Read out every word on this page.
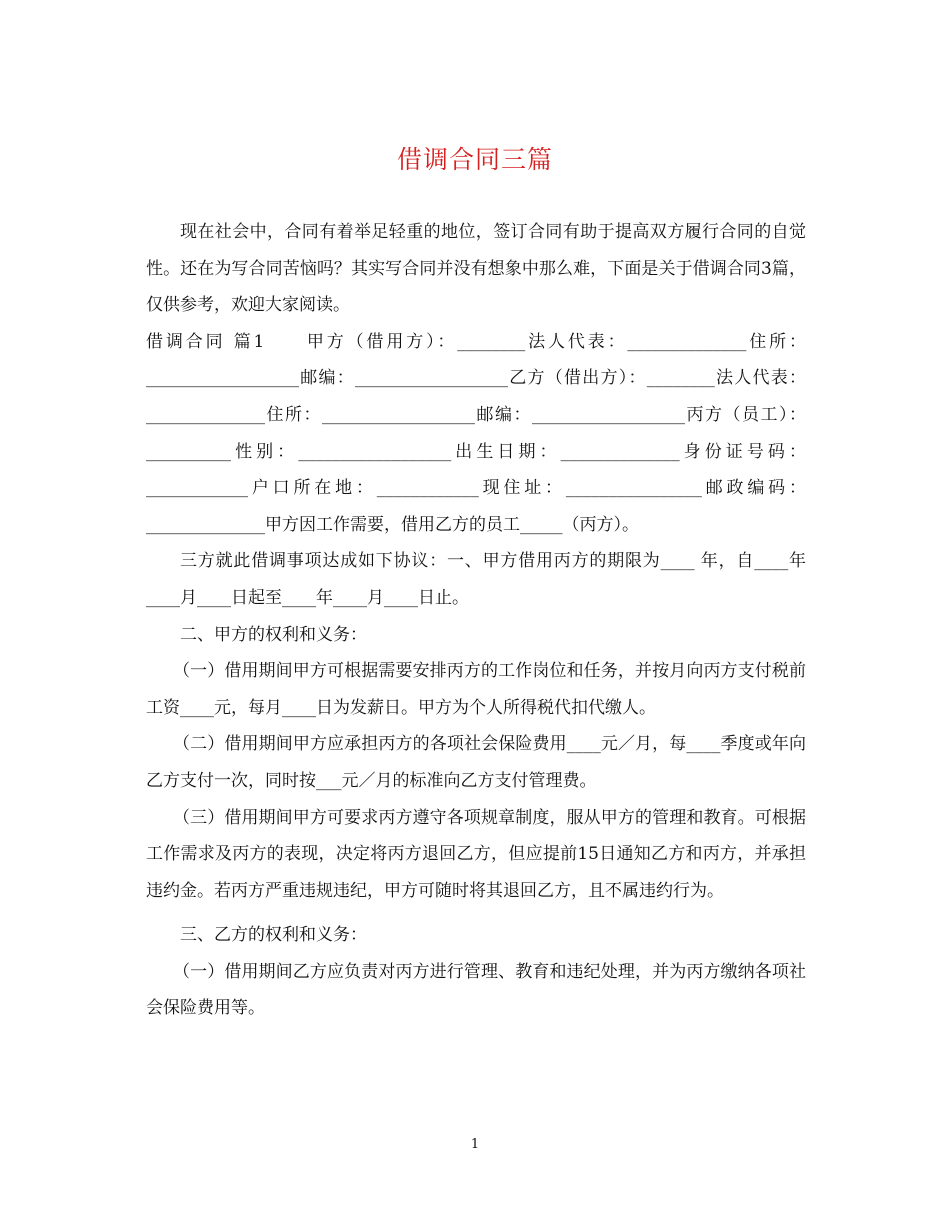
借调合同三篇

现在社会中，合同有着举足轻重的地位，签订合同有助于提高双方履行合同的自觉性。还在为写合同苦恼吗？其实写合同并没有想象中那么难，下面是关于借调合同3篇，仅供参考，欢迎大家阅读。

借调合同 篇1　　甲方（借用方）：________法人代表：______________住所：__________________邮编：__________________乙方（借出方）：________法人代表：______________住所：__________________邮编：__________________丙方（员工）：__________性别：__________________出生日期：______________身份证号码：____________户口所在地：____________现住址：________________邮政编码：______________甲方因工作需要，借用乙方的员工_____（丙方）。

三方就此借调事项达成如下协议：一、甲方借用丙方的期限为____ 年，自____年____月____日起至____年____月____日止。

二、甲方的权利和义务：

（一）借用期间甲方可根据需要安排丙方的工作岗位和任务，并按月向丙方支付税前工资____元，每月____日为发薪日。甲方为个人所得税代扣代缴人。

（二）借用期间甲方应承担丙方的各项社会保险费用____元／月，每____季度或年向乙方支付一次，同时按___元／月的标准向乙方支付管理费。

（三）借用期间甲方可要求丙方遵守各项规章制度，服从甲方的管理和教育。可根据工作需求及丙方的表现，决定将丙方退回乙方，但应提前15日通知乙方和丙方，并承担违约金。若丙方严重违规违纪，甲方可随时将其退回乙方，且不属违约行为。

三、乙方的权利和义务：

（一）借用期间乙方应负责对丙方进行管理、教育和违纪处理，并为丙方缴纳各项社会保险费用等。

1
